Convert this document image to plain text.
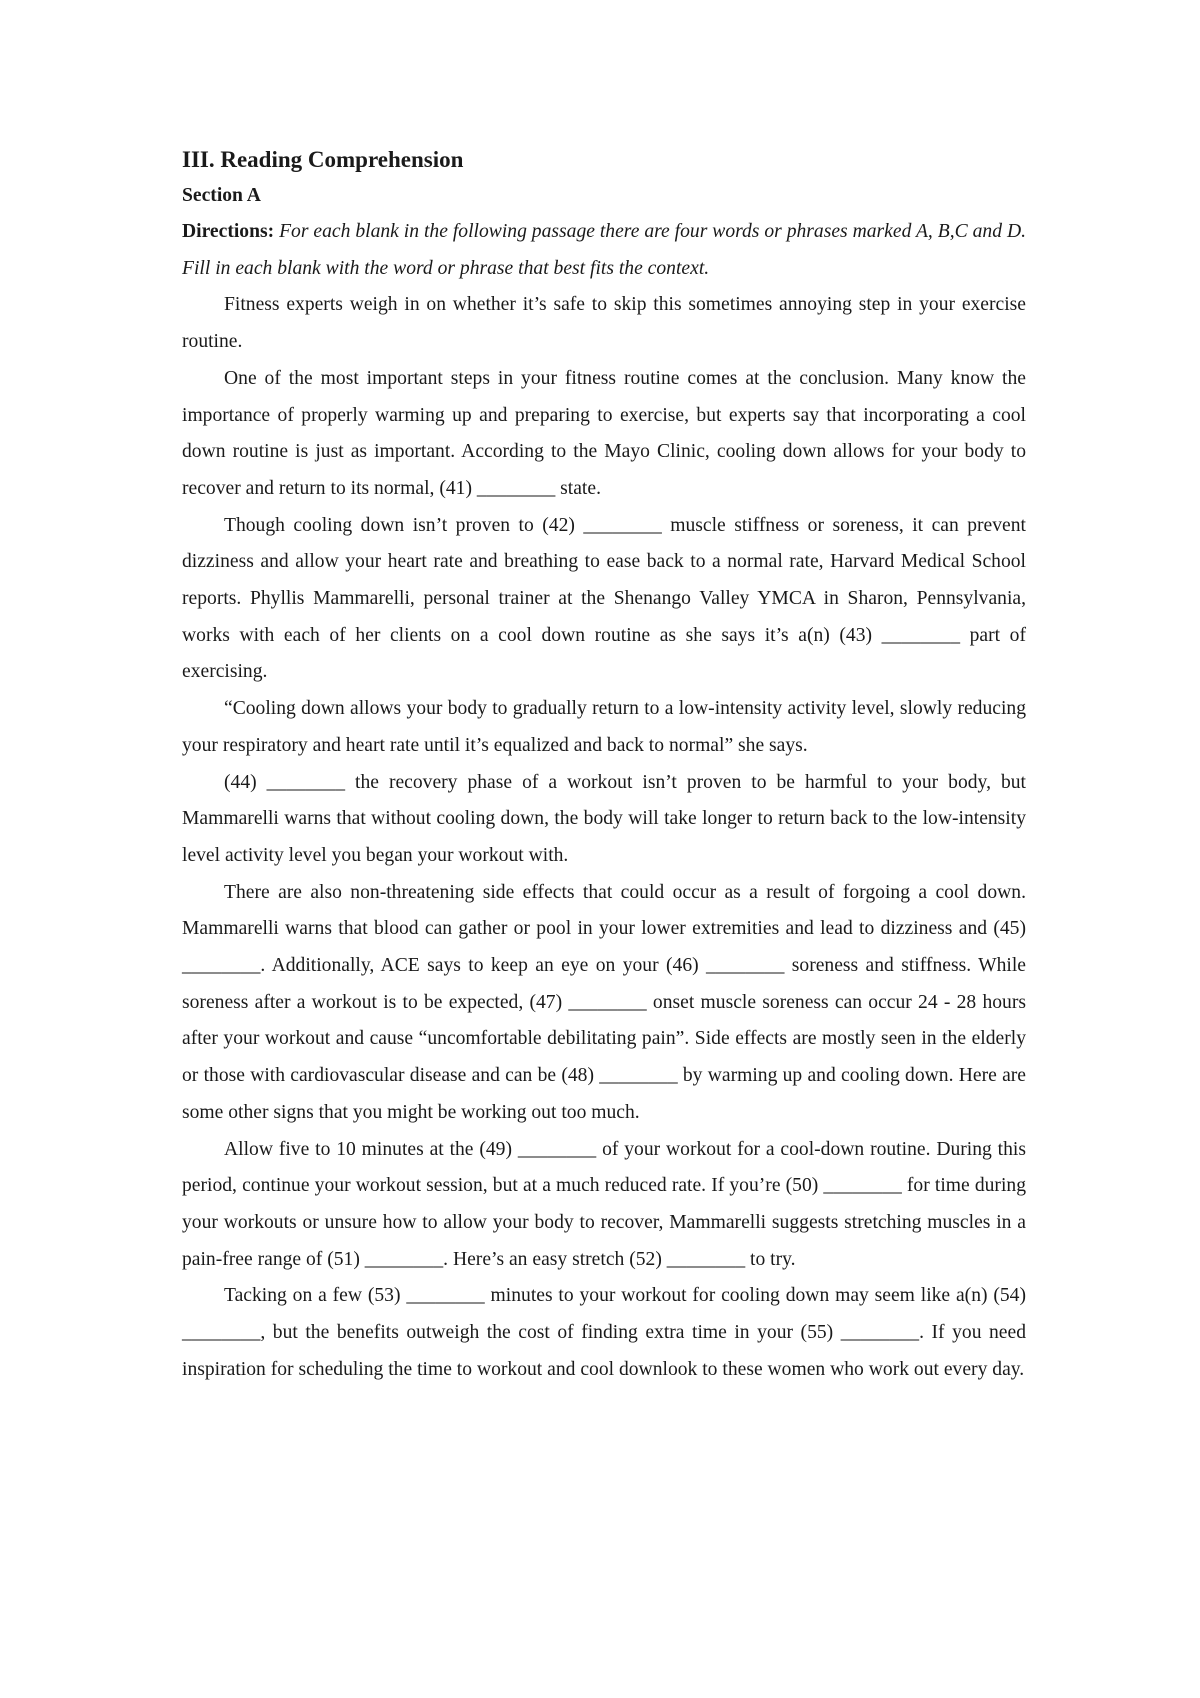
III. Reading Comprehension

Section A

Directions: For each blank in the following passage there are four words or phrases marked A, B,C and D. Fill in each blank with the word or phrase that best fits the context.

Fitness experts weigh in on whether it’s safe to skip this sometimes annoying step in your exercise routine.

One of the most important steps in your fitness routine comes at the conclusion. Many know the importance of properly warming up and preparing to exercise, but experts say that incorporating a cool down routine is just as important. According to the Mayo Clinic, cooling down allows for your body to recover and return to its normal, (41) ________ state.

Though cooling down isn’t proven to (42) ________ muscle stiffness or soreness, it can prevent dizziness and allow your heart rate and breathing to ease back to a normal rate, Harvard Medical School reports. Phyllis Mammarelli, personal trainer at the Shenango Valley YMCA in Sharon, Pennsylvania, works with each of her clients on a cool down routine as she says it’s a(n) (43) ________ part of exercising.

“Cooling down allows your body to gradually return to a low-intensity activity level, slowly reducing your respiratory and heart rate until it’s equalized and back to normal” she says.

(44) ________ the recovery phase of a workout isn’t proven to be harmful to your body, but Mammarelli warns that without cooling down, the body will take longer to return back to the low-intensity level activity level you began your workout with.

There are also non-threatening side effects that could occur as a result of forgoing a cool down. Mammarelli warns that blood can gather or pool in your lower extremities and lead to dizziness and (45) ________. Additionally, ACE says to keep an eye on your (46) ________ soreness and stiffness. While soreness after a workout is to be expected, (47) ________ onset muscle soreness can occur 24 - 28 hours after your workout and cause “uncomfortable debilitating pain”. Side effects are mostly seen in the elderly or those with cardiovascular disease and can be (48) ________ by warming up and cooling down. Here are some other signs that you might be working out too much.

Allow five to 10 minutes at the (49) ________ of your workout for a cool-down routine. During this period, continue your workout session, but at a much reduced rate. If you’re (50) ________ for time during your workouts or unsure how to allow your body to recover, Mammarelli suggests stretching muscles in a pain-free range of (51) ________. Here’s an easy stretch (52) ________ to try.

Tacking on a few (53) ________ minutes to your workout for cooling down may seem like a(n) (54) ________, but the benefits outweigh the cost of finding extra time in your (55) ________. If you need inspiration for scheduling the time to workout and cool downlook to these women who work out every day.
